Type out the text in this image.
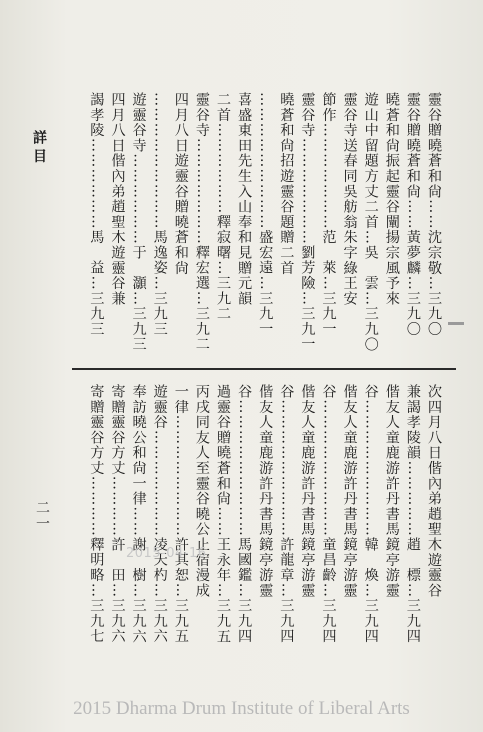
詳 目	靈谷贈曉蒼和尙……沈宗敬…三九〇
靈谷贈曉蒼和尙……黃夢麟…三九〇
曉蒼和尙振起靈谷闡揚宗風予來
遊山中留題方丈二首…吳　雲…三九〇
靈谷寺送春同吳舫翁朱字綠王安
節作…………………范　萊…三九一
靈谷寺…………………劉芳險…三九一
曉蒼和尙招遊靈谷題贈二首
………………………盛宏遠…三九一
喜盛東田先生入山奉和見贈元韻
二首………………釋寂曙…三九二
靈谷寺…………………釋宏選…三九二
四月八日遊靈谷贈曉蒼和尙
………………………馬逸姿…三九三
遊靈谷寺………………于　灝…三九三
四月八日偕內弟趙聖木遊靈谷兼
謁孝陵………………馬　益…三九三
次四月八日偕內弟趙聖木遊靈谷
兼謁孝陵韻……………趙　標…三九四
偕友人童鹿游許丹書馬鏡亭游靈
谷………………………韓　煥…三九四
偕友人童鹿游許丹書馬鏡亭游靈
谷………………………童昌齡…三九四
偕友人童鹿游許丹書馬鏡亭游靈
谷………………………許龍章…三九四
偕友人童鹿游許丹書馬鏡亭游靈
谷………………………馬國鑑…三九四
過靈谷贈曉蒼和尙……王永年…三九五
丙戌同友人至靈谷曉公止宿漫成
一律……………………許其恕…三九五
遊靈谷…………………凌天杓…三九六
奉訪曉公和尙一律……謝　樹…三九六
寄贈靈谷方丈…………許　田…三九六
寄贈靈谷方丈…………釋明略…三九七
二一
2015-04-16
2015 Dharma Drum Institute of Liberal Arts
